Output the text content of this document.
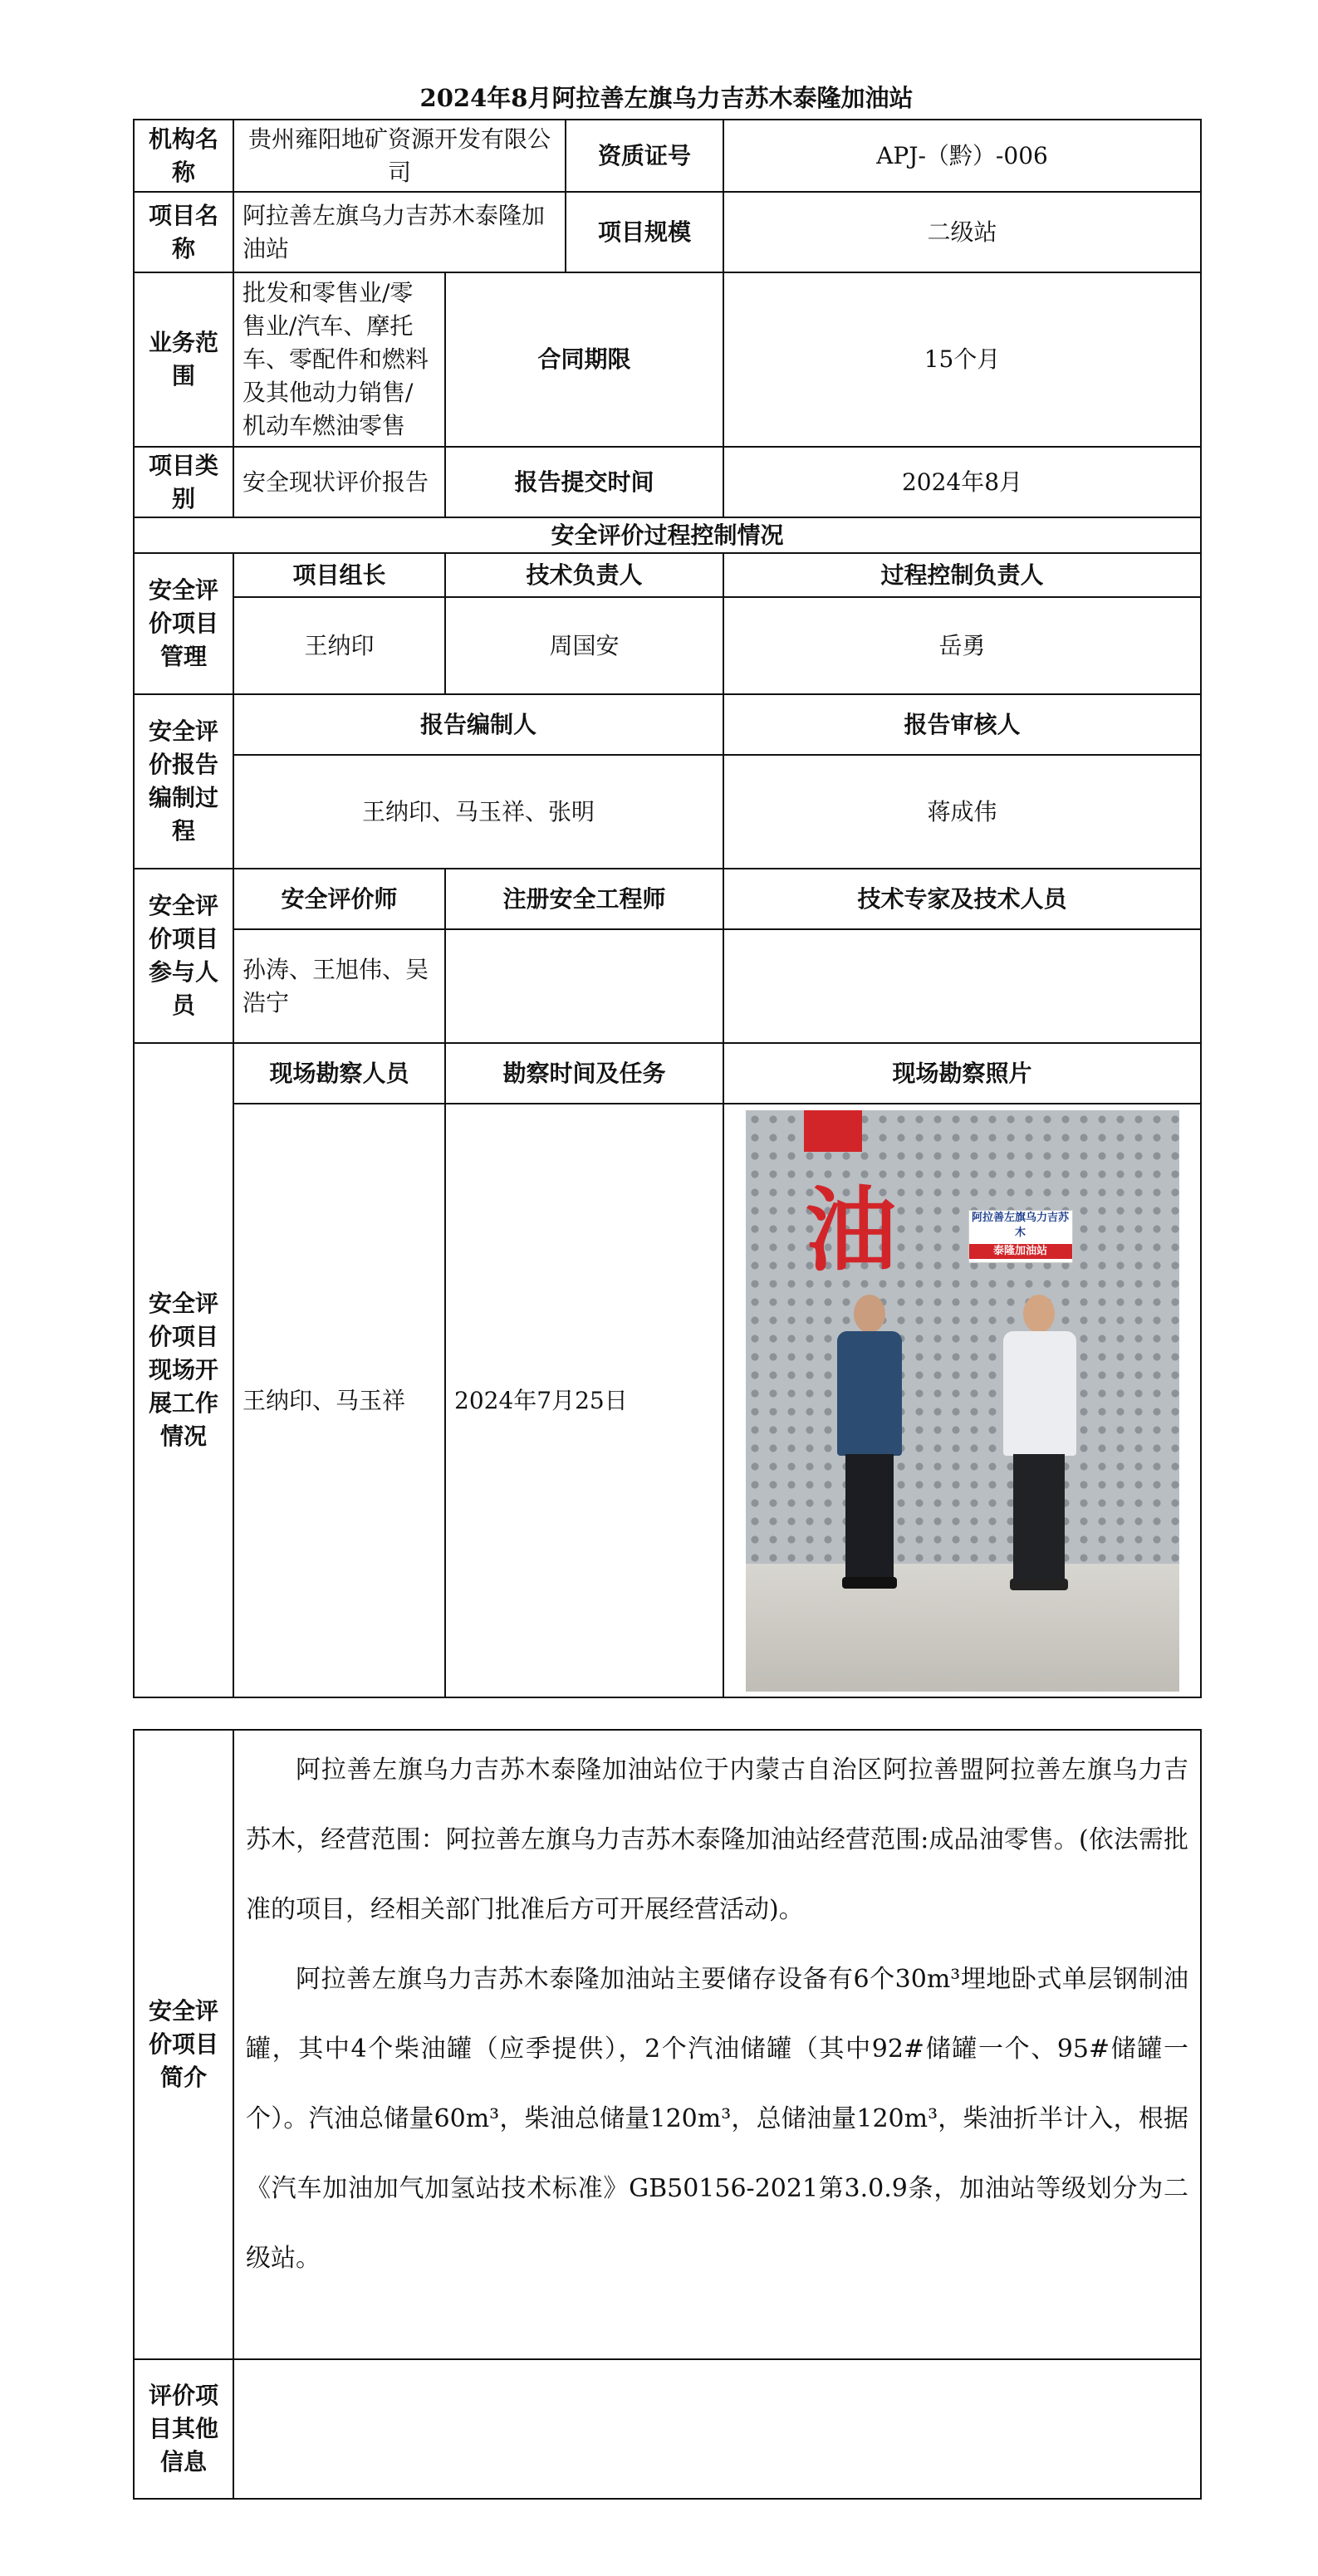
2024年8月阿拉善左旗乌力吉苏木泰隆加油站
机构名称	贵州雍阳地矿资源开发有限公司		资质证号	APJ-（黔）-006
项目名称	阿拉善左旗乌力吉苏木泰隆加油站		项目规模	二级站
业务范围	批发和零售业/零售业/汽车、摩托车、零配件和燃料及其他动力销售/机动车燃油零售	合同期限		15个月
项目类别	安全现状评价报告	报告提交时间		2024年8月
安全评价过程控制情况				
安全评价项目管理	项目组长	技术负责人		过程控制负责人
	王纳印	周国安		岳勇
安全评价报告编制过程	报告编制人			报告审核人
	王纳印、马玉祥、张明			蒋成伟
安全评价项目参与人员	安全评价师	注册安全工程师		技术专家及技术人员
	孙涛、王旭伟、吴浩宁			
安全评价项目现场开展工作情况	现场勘察人员	勘察时间及任务		现场勘察照片
	王纳印、马玉祥	2024年7月25日		油 阿拉善左旗乌力吉苏木
泰隆加油站
安全评价项目简介	阿拉善左旗乌力吉苏木泰隆加油站位于内蒙古自治区阿拉善盟阿拉善左旗乌力吉苏木，经营范围：阿拉善左旗乌力吉苏木泰隆加油站经营范围:成品油零售。(依法需批准的项目，经相关部门批准后方可开展经营活动)。

阿拉善左旗乌力吉苏木泰隆加油站主要储存设备有6个30m³埋地卧式单层钢制油罐，其中4个柴油罐（应季提供），2个汽油储罐（其中92#储罐一个、95#储罐一个）。汽油总储量60m³，柴油总储量120m³，总储油量120m³，柴油折半计入，根据《汽车加油加气加氢站技术标准》GB50156-2021第3.0.9条，加油站等级划分为二级站。

评价项目其他信息	
